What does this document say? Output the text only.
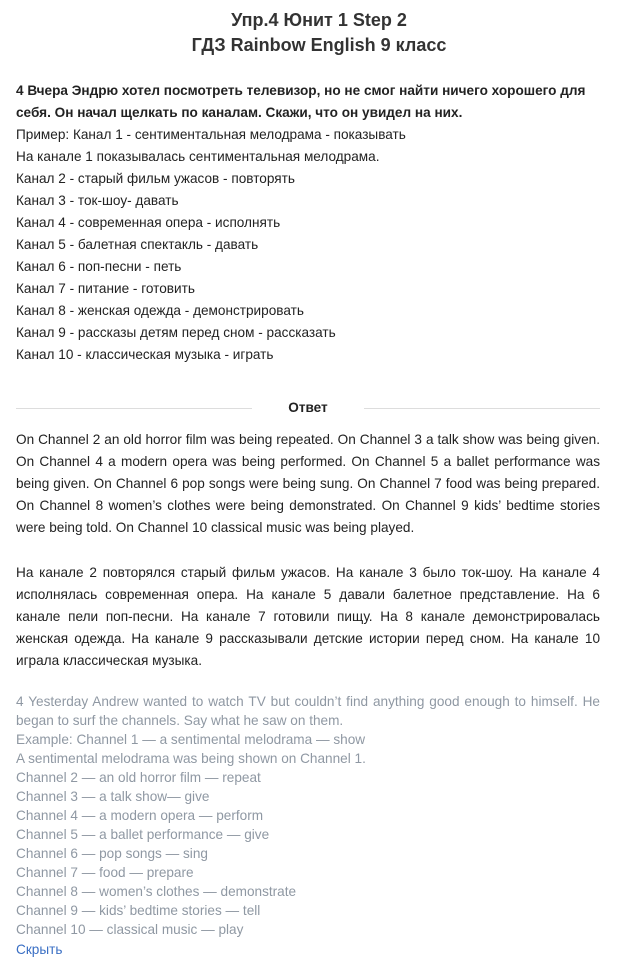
Упр.4 Юнит 1 Step 2
ГДЗ Rainbow English 9 класс
4 Вчера Эндрю хотел посмотреть телевизор, но не смог найти ничего хорошего для себя. Он начал щелкать по каналам. Скажи, что он увидел на них.
Пример: Канал 1 - сентиментальная мелодрама - показывать
На канале 1 показывалась сентиментальная мелодрама.
Канал 2 - старый фильм ужасов - повторять
Канал 3 - ток-шоу- давать
Канал 4 - современная опера - исполнять
Канал 5 - балетная спектакль - давать
Канал 6 - поп-песни - петь
Канал 7 - питание - готовить
Канал 8 - женская одежда - демонстрировать
Канал 9 - рассказы детям перед сном - рассказать
Канал 10 - классическая музыка - играть
Ответ
On Channel 2 an old horror film was being repeated. On Channel 3 a talk show was being given. On Channel 4 a modern opera was being performed. On Channel 5 a ballet performance was being given. On Channel 6 pop songs were being sung. On Channel 7 food was being prepared. On Channel 8 women’s clothes were being demonstrated. On Channel 9 kids’ bedtime stories were being told. On Channel 10 classical music was being played.
На канале 2 повторялся старый фильм ужасов. На канале 3 было ток-шоу. На канале 4 исполнялась современная опера. На канале 5 давали балетное представление. На 6 канале пели поп-песни. На канале 7 готовили пищу. На 8 канале демонстрировалась женская одежда. На канале 9 рассказывали детские истории перед сном. На канале 10 играла классическая музыка.
4 Yesterday Andrew wanted to watch TV but couldn’t find anything good enough to himself. He began to surf the channels. Say what he saw on them.
Example: Channel 1 — a sentimental melodrama — show
A sentimental melodrama was being shown on Channel 1.
Channel 2 — an old horror film — repeat
Channel 3 — a talk show— give
Channel 4 — a modern opera — perform
Channel 5 — a ballet performance — give
Channel 6 — pop songs — sing
Channel 7 — food — prepare
Channel 8 — women’s clothes — demonstrate
Channel 9 — kids’ bedtime stories — tell
Channel 10 — classical music — play
Скрыть
